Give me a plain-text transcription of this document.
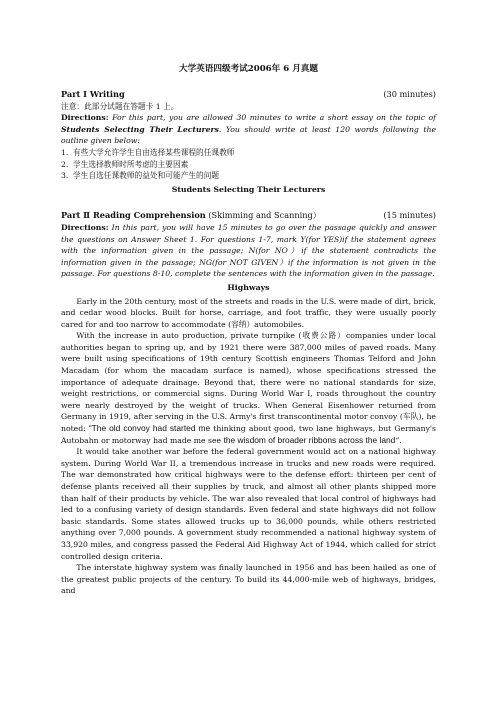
大学英语四级考试2006年 6 月真题
Part Ⅰ Writing	(30 minutes)

注意：此部分试题在答题卡 1 上。

Directions: For this part, you are allowed 30 minutes to write a short essay on the topic of Students Selecting Their Lecturers. You should write at least 120 words following the outline given below:

1. 有些大学允许学生自由选择某些课程的任课教师
2. 学生选择教师时所考虑的主要因素
3. 学生自选任课教师的益处和可能产生的问题
Students Selecting Their Lecturers
Part Ⅱ Reading Comprehension (Skimming and Scanning）	(15 minutes)

Directions: In this part, you will have 15 minutes to go over the passage quickly and answer the questions on Answer Sheet 1. For questions 1-7, mark Y(for YES)if the statement agrees with the information given in the passage; N(for NO）if the statement contradicts the information given in the passage; NG(for NOT GIVEN）if the information is not given in the passage. For questions 8-10, complete the sentences with the information given in the passage.

Highways

Early in the 20th century, most of the streets and roads in the U.S. were made of dirt, brick, and cedar wood blocks. Built for horse, carriage, and foot traffic, they were usually poorly cared for and too narrow to accommodate (容纳）automobiles.

With the increase in auto production, private turnpike (收费公路）companies under local authorities began to spring up, and by 1921 there were 387,000 miles of paved roads. Many were built using specifications of 19th century Scottish engineers Thomas Telford and John Macadam (for whom the macadam surface is named), whose specifications stressed the importance of adequate drainage. Beyond that, there were no national standards for size, weight restrictions, or commercial signs. During World War I, roads throughout the country were nearly destroyed by the weight of trucks. When General Eisenhower returned from Germany in 1919, after serving in the U.S. Army's first transcontinental motor convoy (车队), he noted: “The old convoy had started me thinking about good, two lane highways, but Germany's Autobahn or motorway had made me see the wisdom of broader ribbons across the land”.

It would take another war before the federal government would act on a national highway system. During World War II, a tremendous increase in trucks and new roads were required. The war demonstrated how critical highways were to the defense effort: thirteen per cent of defense plants received all their supplies by truck, and almost all other plants shipped more than half of their products by vehicle. The war also revealed that local control of highways had led to a confusing variety of design standards. Even federal and state highways did not follow basic standards. Some states allowed trucks up to 36,000 pounds, while others restricted anything over 7,000 pounds. A government study recommended a national highway system of 33,920 miles, and congress passed the Federal Aid Highway Act of 1944, which called for strict controlled design criteria.

The interstate highway system was finally launched in 1956 and has been hailed as one of the greatest public projects of the century. To build its 44,000-mile web of highways, bridges, and
